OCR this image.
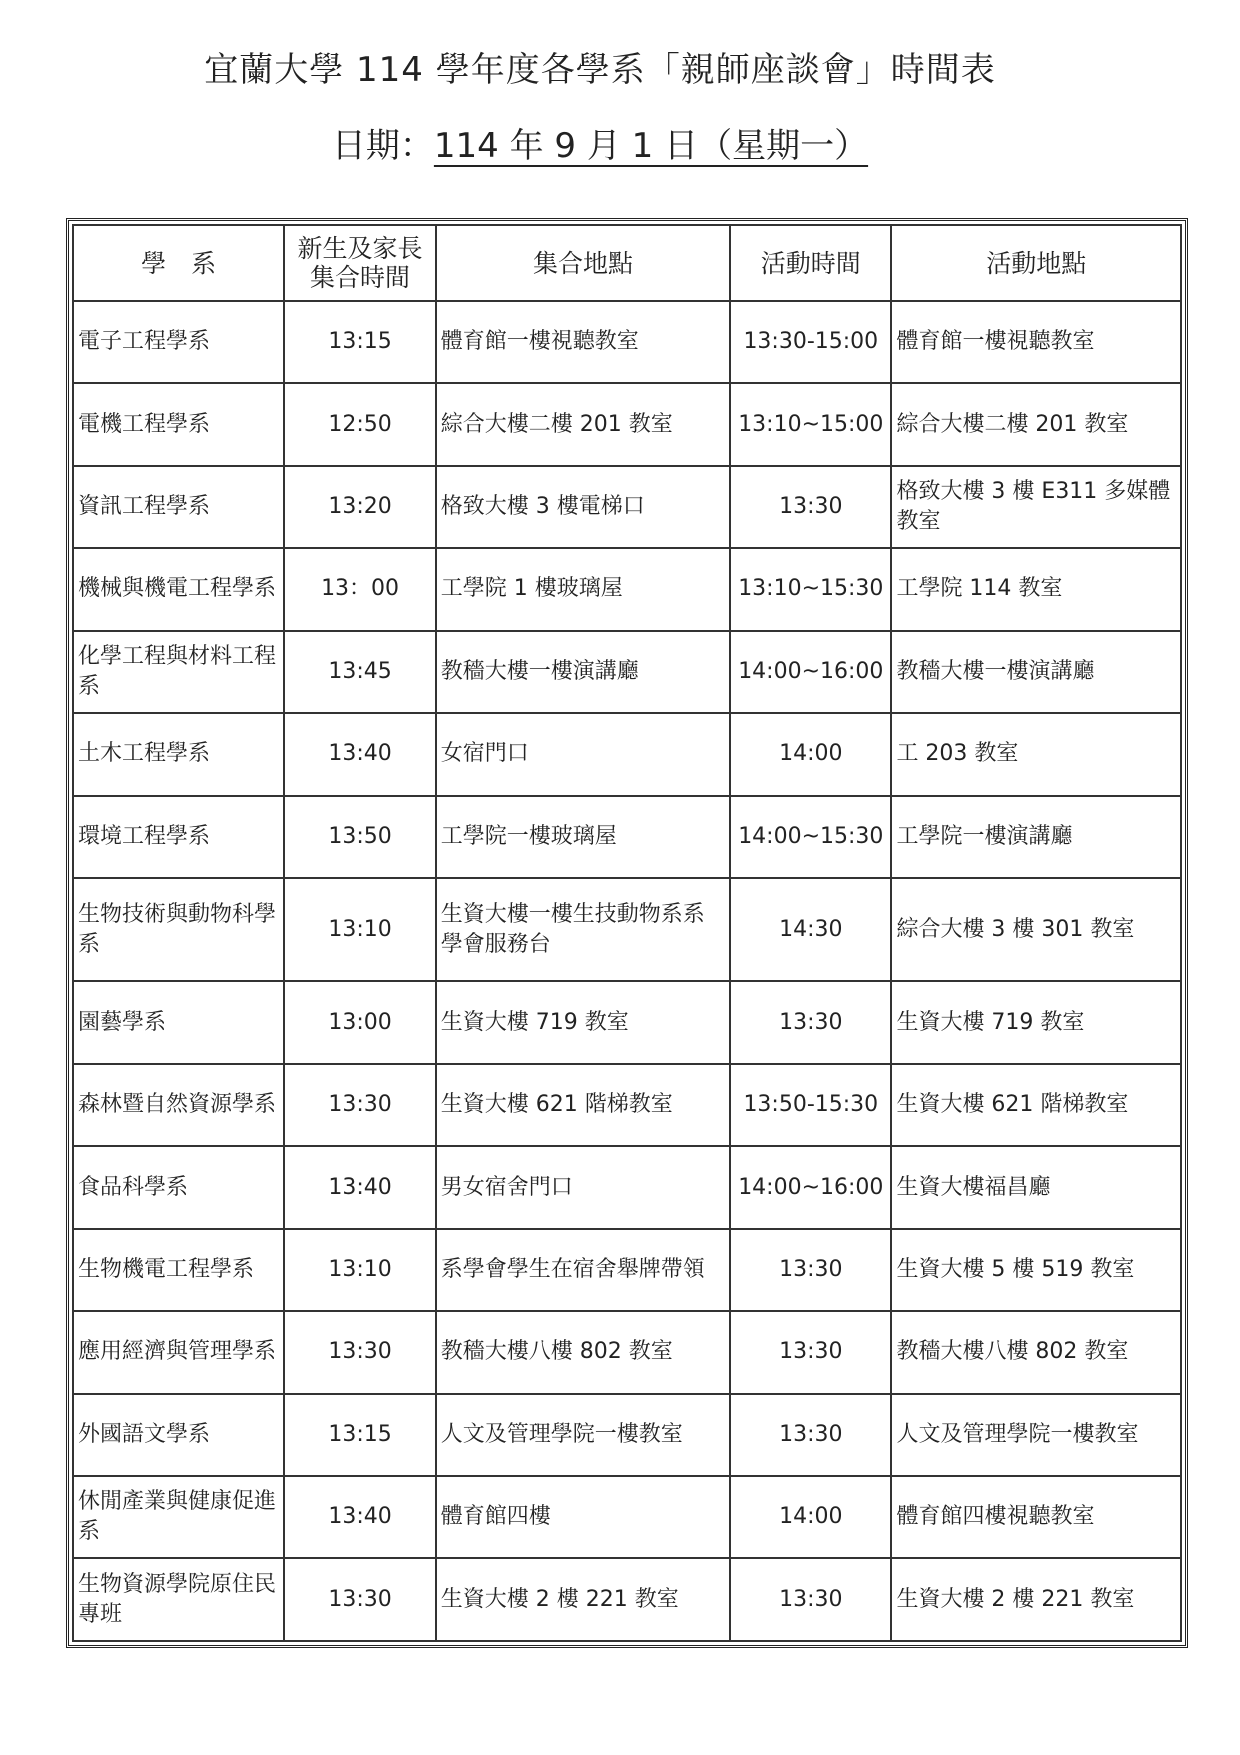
宜蘭大學 114 學年度各學系「親師座談會」時間表
日期：114 年 9 月 1 日（星期一）
學　系	新生及家長集合時間	集合地點	活動時間	活動地點
電子工程學系	13:15	體育館一樓視聽教室	13:30-15:00	體育館一樓視聽教室
電機工程學系	12:50	綜合大樓二樓 201 教室	13:10~15:00	綜合大樓二樓 201 教室
資訊工程學系	13:20	格致大樓 3 樓電梯口	13:30	格致大樓 3 樓 E311 多媒體教室
機械與機電工程學系	13：00	工學院 1 樓玻璃屋	13:10~15:30	工學院 114 教室
化學工程與材料工程系	13:45	教穡大樓一樓演講廳	14:00~16:00	教穡大樓一樓演講廳
土木工程學系	13:40	女宿門口	14:00	工 203 教室
環境工程學系	13:50	工學院一樓玻璃屋	14:00~15:30	工學院一樓演講廳
生物技術與動物科學系	13:10	生資大樓一樓生技動物系系學會服務台	14:30	綜合大樓 3 樓 301 教室
園藝學系	13:00	生資大樓 719 教室	13:30	生資大樓 719 教室
森林暨自然資源學系	13:30	生資大樓 621 階梯教室	13:50-15:30	生資大樓 621 階梯教室
食品科學系	13:40	男女宿舍門口	14:00~16:00	生資大樓福昌廳
生物機電工程學系	13:10	系學會學生在宿舍舉牌帶領	13:30	生資大樓 5 樓 519 教室
應用經濟與管理學系	13:30	教穡大樓八樓 802 教室	13:30	教穡大樓八樓 802 教室
外國語文學系	13:15	人文及管理學院一樓教室	13:30	人文及管理學院一樓教室
休閒產業與健康促進系	13:40	體育館四樓	14:00	體育館四樓視聽教室
生物資源學院原住民專班	13:30	生資大樓 2 樓 221 教室	13:30	生資大樓 2 樓 221 教室
